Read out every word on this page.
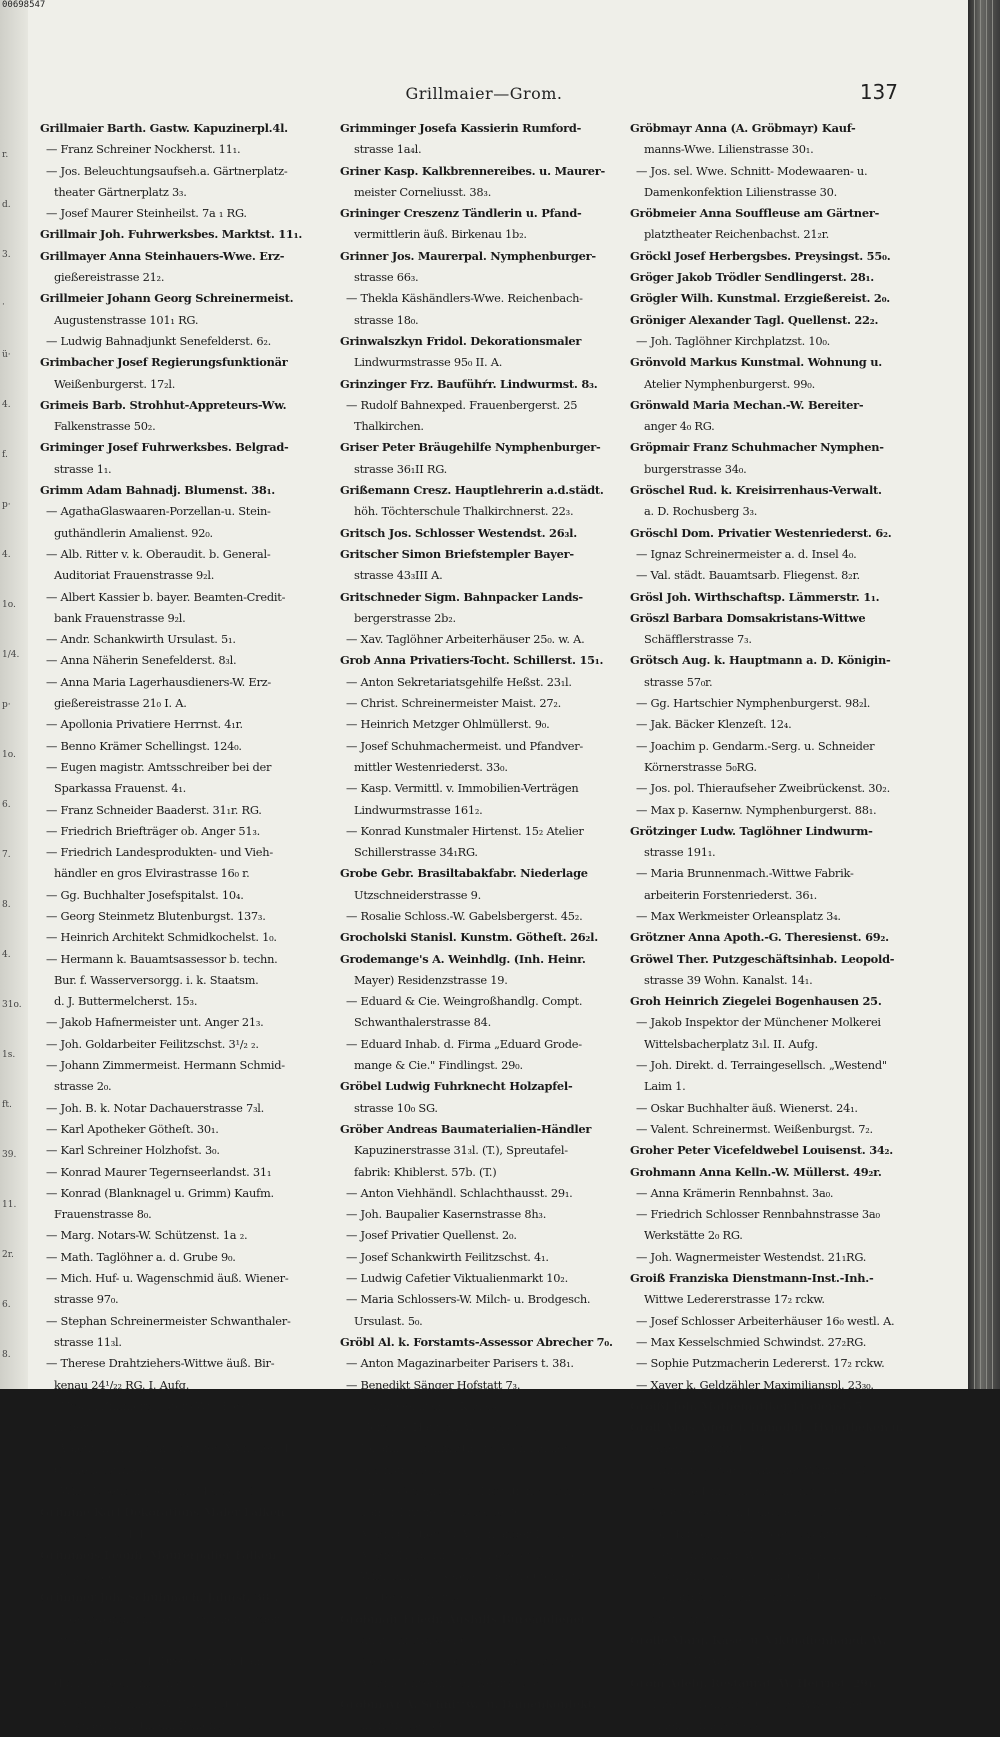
00698547
r.
d.
3.
·
ü·
4.
f.
p·
4.
1o.
1/4.
p·
1o.
6.
7.
8.
4.
31o.
1s.
ft.
39.
11.
2r.
6.
8.
Grillmaier—Grom.	137
Grillmaier Barth. Gastw. Kapuzinerpl.4l.
— Franz Schreiner Nockherst. 11₁.
— Jos. Beleuchtungsaufseh.a. Gärtnerplatz-
theater Gärtnerplatz 3₃.
— Josef Maurer Steinheilst. 7a ₁ RG.
Grillmair Joh. Fuhrwerksbes. Marktst. 11₁.
Grillmayer Anna Steinhauers-Wwe. Erz-
gießereistrasse 21₂.
Grillmeier Johann Georg Schreinermeist.
Augustenstrasse 101₁ RG.
— Ludwig Bahnadjunkt Senefelderst. 6₂.
Grimbacher Josef Regierungsfunktionär
Weißenburgerst. 17₂l.
Grimeis Barb. Strohhut-Appreteurs-Ww.
Falkenstrasse 50₂.
Griminger Josef Fuhrwerksbes. Belgrad-
strasse 1₁.
Grimm Adam Bahnadj. Blumenst. 38₁.
— AgathaGlaswaaren-Porzellan-u. Stein-
guthändlerin Amalienst. 92₀.
— Alb. Ritter v. k. Oberaudit. b. General-
Auditoriat Frauenstrasse 9₂l.
— Albert Kassier b. bayer. Beamten-Credit-
bank Frauenstrasse 9₂l.
— Andr. Schankwirth Ursulast. 5₁.
— Anna Näherin Senefelderst. 8₃l.
— Anna Maria Lagerhausdieners-W. Erz-
gießereistrasse 21₀ I. A.
— Apollonia Privatiere Herrnst. 4₁r.
— Benno Krämer Schellingst. 124₀.
— Eugen magistr. Amtsschreiber bei der
Sparkassa Frauenst. 4₁.
— Franz Schneider Baaderst. 31₁r. RG.
— Friedrich Briefträger ob. Anger 51₃.
— Friedrich Landesprodukten- und Vieh-
händler en gros Elvirastrasse 16₀ r.
— Gg. Buchhalter Josefspitalst. 10₄.
— Georg Steinmetz Blutenburgst. 137₃.
— Heinrich Architekt Schmidkochelst. 1₀.
— Hermann k. Bauamtsassessor b. techn.
Bur. f. Wasserversorgg. i. k. Staatsm.
d. J. Buttermelcherst. 15₃.
— Jakob Hafnermeister unt. Anger 21₃.
— Joh. Goldarbeiter Feilitzschst. 3¹/₂ ₂.
— Johann Zimmermeist. Hermann Schmid-
strasse 2₀.
— Joh. B. k. Notar Dachauerstrasse 7₃l.
— Karl Apotheker Götheſt. 30₁.
— Karl Schreiner Holzhofst. 3₀.
— Konrad Maurer Tegernseerlandst. 31₁
— Konrad (Blanknagel u. Grimm) Kaufm.
Frauenstrasse 8₀.
— Marg. Notars-W. Schützenst. 1a ₂.
— Math. Taglöhner a. d. Grube 9₀.
— Mich. Huf- u. Wagenschmid äuß. Wiener-
strasse 97₀.
— Stephan Schreinermeister Schwanthaler-
strasse 11₃l.
— Therese Drahtziehers-Wittwe äuß. Bir-
kenau 24¹/₂₂ RG. I. Aufg.
— Ursula Zimmermeisters-Ww. Forsten-
riederst. 31₁.
— Valent. k. Rath a. k. Landger. München II
Corneliusstrasse 38₁.
— Wilh. Eisenbahnadjunkt Marsst. 10₁l.
Grimme Karl Dekorations-Maler Falken-
strasse 12a₂. I. RG.
Grimmeis Leonh. Maurerpalier Falken-
strasse 35a₁.
Grimmer Joh. Schuhmach. Jahnst. 38₃.
— Josef Spänglermeister Nymphenburger-
strasse 40₀RG.
— Karl Vertr. v. C. F. Dreyspring in Lahr
(Baden) Reichenbachst. 1₁l.
— Maria Taglöhners-W. Fischerst. 6₁.
— Michael Dienstmann Falkenst. 37₀.
Grimminger Josefa Kassierin Rumford-
strasse 1a₄l.
Griner Kasp. Kalkbrennereibes. u. Maurer-
meister Corneliusst. 38₃.
Grininger Creszenz Tändlerin u. Pfand-
vermittlerin äuß. Birkenau 1b₂.
Grinner Jos. Maurerpal. Nymphenburger-
strasse 66₃.
— Thekla Käshändlers-Wwe. Reichenbach-
strasse 18₀.
Grinwalszkyn Fridol. Dekorationsmaler
Lindwurmstrasse 95₀ II. A.
Grinzinger Frz. Baufühŕr. Lindwurmst. 8₃.
— Rudolf Bahnexped. Frauenbergerst. 25
Thalkirchen.
Griser Peter Bräugehilfe Nymphenburger-
strasse 36₁II RG.
Grißemann Cresz. Hauptlehrerin a.d.städt.
höh. Töchterschule Thalkirchnerst. 22₃.
Gritsch Jos. Schlosser Westendst. 26₃l.
Gritscher Simon Briefstempler Bayer-
strasse 43₃III A.
Gritschneder Sigm. Bahnpacker Lands-
bergerstrasse 2b₂.
— Xav. Taglöhner Arbeiterhäuser 25₀. w. A.
Grob Anna Privatiers-Tocht. Schillerst. 15₁.
— Anton Sekretariatsgehilfe Heßst. 23₁l.
— Christ. Schreinermeister Maist. 27₂.
— Heinrich Metzger Ohlmüllerst. 9₀.
— Josef Schuhmachermeist. und Pfandver-
mittler Westenriederst. 33₀.
— Kasp. Vermittl. v. Immobilien-Verträgen
Lindwurmstrasse 161₂.
— Konrad Kunstmaler Hirtenst. 15₂ Atelier
Schillerstrasse 34₁RG.
Grobe Gebr. Brasiltabakfabr. Niederlage
Utzschneiderstrasse 9.
— Rosalie Schloss.-W. Gabelsbergerst. 45₂.
Grocholski Stanisl. Kunstm. Götheſt. 26₂l.
Grodemange's A. Weinhdlg. (Inh. Heinr.
Mayer) Residenzstrasse 19.
— Eduard & Cie. Weingroßhandlg. Compt.
Schwanthalerstrasse 84.
— Eduard Inhab. d. Firma „Eduard Grode-
mange & Cie." Findlingst. 29₀.
Gröbel Ludwig Fuhrknecht Holzapfel-
strasse 10₀ SG.
Gröber Andreas Baumaterialien-Händler
Kapuzinerstrasse 31₃l. (T.), Spreutafel-
fabrik: Khiblerst. 57b. (T.)
— Anton Viehhändl. Schlachthausst. 29₁.
— Joh. Baupalier Kasernstrasse 8h₃.
— Josef Privatier Quellenst. 2₀.
— Josef Schankwirth Feilitzschst. 4₁.
— Ludwig Cafetier Viktualienmarkt 10₂.
— Maria Schlossers-W. Milch- u. Brodgesch.
Ursulast. 5₀.
Gröbl Al. k. Forstamts-Assessor Abrecher 7₀.
— Anton Magazinarbeiter Parisers t. 38₁.
— Benedikt Sänger Hofstatt 7₃.
— Franz Geldzähler Kanalst. 10₁.
— Hermine Hauptm.-W. Karlstrasse 27₃r.
— Johann Schankwirth und Viehhändler
Falkenstrasse 31₀.
— Ludw. Commissions-, Licitationsgesch. u.
Krämer Erzgießereistrasse 36₀.
— Maria Obstlers-W. Vereinanger 1¹/₄ ₂r.
— Marie Trödlerin Erzgießereistrasse 36₀.
— Wilhelmine u. Sophie Oberstlieutenants-
Töchter Götheſtrasse 14₃l.
Gröbmair Friedr. Aushilfs-Bureaudiener
Landwehrstrasse 26₃.
— Georg v. Galleriediener Landwehrst. 26₃.
— Maria Lehrerin Landwehrst. 26₃.
Gröbmayr A. Schnittw.- u. Damenkonfekt.
Lilienstrasse 30₁.
Gröbmayr Anna (A. Gröbmayr) Kauf-
manns-Wwe. Lilienstrasse 30₁.
— Jos. sel. Wwe. Schnitt- Modewaaren- u.
Damenkonfektion Lilienstrasse 30.
Gröbmeier Anna Souffleuse am Gärtner-
platztheater Reichenbachst. 21₂r.
Gröckl Josef Herbergsbes. Preysingst. 55₀.
Gröger Jakob Trödler Sendlingerst. 28₁.
Grögler Wilh. Kunstmal. Erzgießereist. 2₀.
Gröniger Alexander Tagl. Quellenst. 22₂.
— Joh. Taglöhner Kirchplatzst. 10₀.
Grönvold Markus Kunstmal. Wohnung u.
Atelier Nymphenburgerst. 99₀.
Grönwald Maria Mechan.-W. Bereiter-
anger 4₀ RG.
Gröpmair Franz Schuhmacher Nymphen-
burgerstrasse 34₀.
Gröschel Rud. k. Kreisirrenhaus-Verwalt.
a. D. Rochusberg 3₃.
Gröschl Dom. Privatier Westenriederst. 6₂.
— Ignaz Schreinermeister a. d. Insel 4₀.
— Val. städt. Bauamtsarb. Fliegenst. 8₂r.
Grösl Joh. Wirthschaftsp. Lämmerstr. 1₁.
Gröszl Barbara Domsakristans-Wittwe
Schäfflerstrasse 7₃.
Grötsch Aug. k. Hauptmann a. D. Königin-
strasse 57₀r.
— Gg. Hartschier Nymphenburgerst. 98₂l.
— Jak. Bäcker Klenzeſt. 12₄.
— Joachim p. Gendarm.-Serg. u. Schneider
Körnerstrasse 5₀RG.
— Jos. pol. Thieraufseher Zweibrückenst. 30₂.
— Max p. Kasernw. Nymphenburgerst. 88₁.
Grötzinger Ludw. Taglöhner Lindwurm-
strasse 191₁.
— Maria Brunnenmach.-Wittwe Fabrik-
arbeiterin Forstenriederst. 36₁.
— Max Werkmeister Orleansplatz 3₄.
Grötzner Anna Apoth.-G. Theresienst. 69₂.
Gröwel Ther. Putzgeschäftsinhab. Leopold-
strasse 39 Wohn. Kanalst. 14₁.
Groh Heinrich Ziegelei Bogenhausen 25.
— Jakob Inspektor der Münchener Molkerei
Wittelsbacherplatz 3₁l. II. Aufg.
— Joh. Direkt. d. Terraingesellsch. „Westend"
Laim 1.
— Oskar Buchhalter äuß. Wienerst. 24₁.
— Valent. Schreinermst. Weißenburgst. 7₂.
Groher Peter Vicefeldwebel Louisenst. 34₂.
Grohmann Anna Kelln.-W. Müllerst. 49₂r.
— Anna Krämerin Rennbahnst. 3a₀.
— Friedrich Schlosser Rennbahnstrasse 3a₀
Werkstätte 2₀ RG.
— Joh. Wagnermeister Westendst. 21₁RG.
Groiß Franziska Dienstmann-Inst.-Inh.-
Wittwe Ledererstrasse 17₂ rckw.
— Josef Schlosser Arbeiterhäuser 16₀ westl. A.
— Max Kesselschmied Schwindst. 27₂RG.
— Sophie Putzmacherin Ledererst. 17₂ rckw.
— Xaver k. Geldzähler Maximilianspl. 23₃₀.
Groißl Joh. Mathematiker Frauenst. 5₃.
Groll Alois Agent f. Immobil., Hypotheken u.
Darlehen Brunnst. 10₀.
— Franz k. Postspecialkassier Wörthst. 20₄.
— Gabriele Hilfslehrerin Lilienst. 29₁.
— Georg Gastwirth Landsbergerst. 73₀.
— Joh. Kutscher u. Metzger Ickstattst. 21₂.
— Kath. Fabrikarb.-W. Schwanthalerh. 26₁.
— Mich. Zinngießer Neuhauserst. 22₃ RG.
— Richard Kaufmann Schnurrsachen en gros
Landwehrst. 73₁.
Grolle Marg. Käse- u. Viktualienhändl.-W.
Thal 72₂ II. Aufg. l. (Bögner).
Grom Adelg. Restaurat.-W. Herrnst. 29₁.
— Therese Bahnkondukteurs-Wwe. innere
Schleißheimerstrasse 70₃.
